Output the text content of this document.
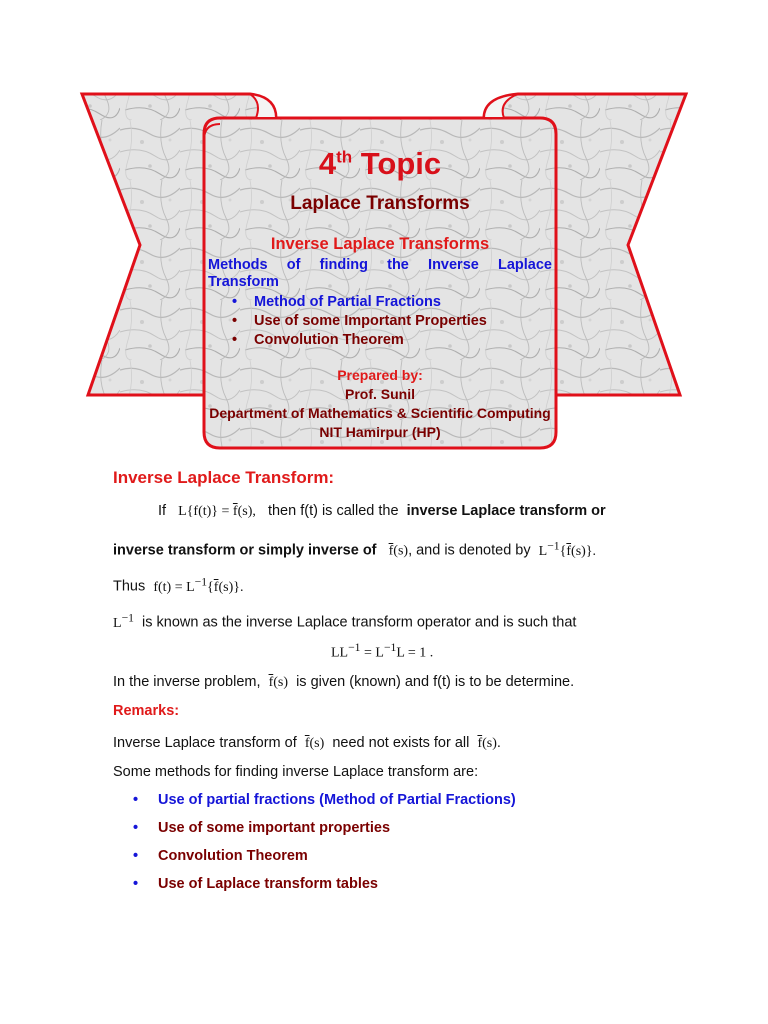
4th Topic
Laplace Transforms
Inverse Laplace Transforms
Methods of finding the Inverse Laplace
Transform
• Method of Partial Fractions
• Use of some Important Properties
• Convolution Theorem
Prepared by:
Prof. Sunil
Department of Mathematics & Scientific Computing
NIT Hamirpur (HP)
Inverse Laplace Transform:
If $L\{f(t)\} = \overline{f}(s)$, then f(t) is called the inverse Laplace transform or
inverse transform or simply inverse of $\overline{f}(s)$, and is denoted by $L^{-1}\{\overline{f}(s)\}$.
Thus $f(t) = L^{-1}\{\overline{f}(s)\}$.
$L^{-1}$ is known as the inverse Laplace transform operator and is such that
$LL^{-1} = L^{-1}L = 1$ .
In the inverse problem, $\overline{f}(s)$ is given (known) and f(t) is to be determine.
Remarks:
Inverse Laplace transform of $\overline{f}(s)$ need not exists for all $\overline{f}(s)$.
Some methods for finding inverse Laplace transform are:
• Use of partial fractions (Method of Partial Fractions)
• Use of some important properties
• Convolution Theorem
• Use of Laplace transform tables
